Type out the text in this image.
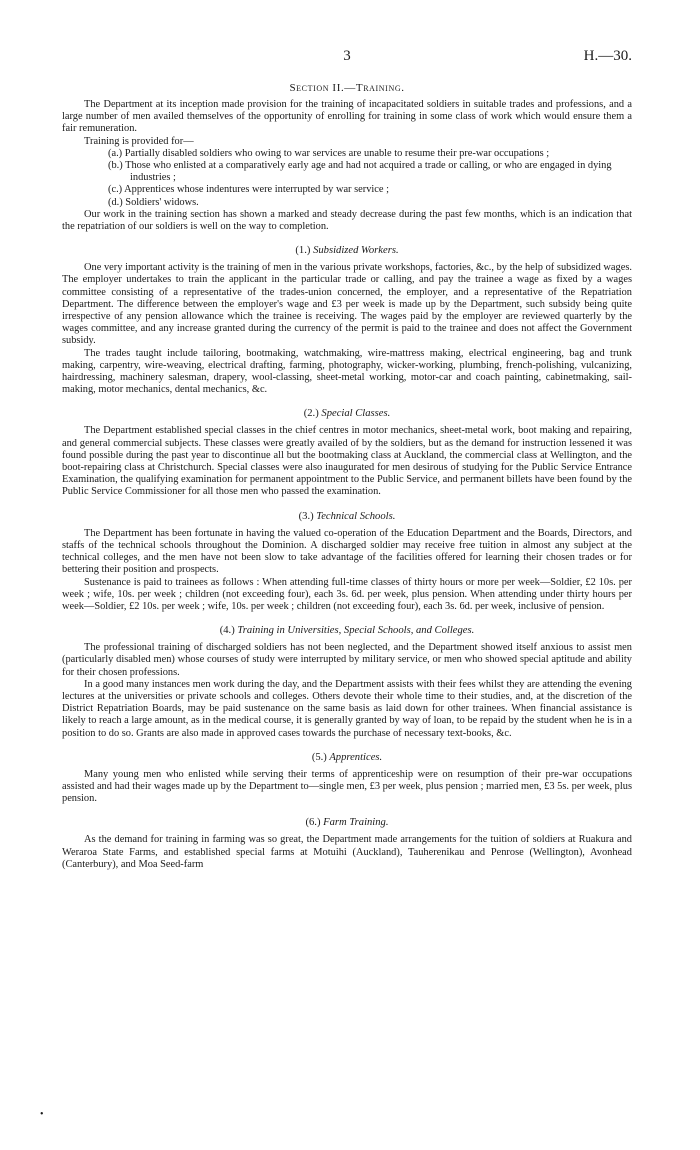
3	H.—30.
Section II.—Training.

The Department at its inception made provision for the training of incapacitated soldiers in suitable trades and professions, and a large number of men availed themselves of the opportunity of enrolling for training in some class of work which would ensure them a fair remuneration.

Training is provided for—

(a.) Partially disabled soldiers who owing to war services are unable to resume their pre-war occupations ;
(b.) Those who enlisted at a comparatively early age and had not acquired a trade or calling, or who are engaged in dying industries ;
(c.) Apprentices whose indentures were interrupted by war service ;
(d.) Soldiers' widows.

Our work in the training section has shown a marked and steady decrease during the past few months, which is an indication that the repatriation of our soldiers is well on the way to completion.

(1.) Subsidized Workers.

One very important activity is the training of men in the various private workshops, factories, &c., by the help of subsidized wages. The employer undertakes to train the applicant in the particular trade or calling, and pay the trainee a wage as fixed by a wages committee consisting of a representative of the trades-union concerned, the employer, and a representative of the Repatriation Department. The difference between the employer's wage and £3 per week is made up by the Department, such subsidy being quite irrespective of any pension allowance which the trainee is receiving. The wages paid by the employer are reviewed quarterly by the wages committee, and any increase granted during the currency of the permit is paid to the trainee and does not affect the Government subsidy.

The trades taught include tailoring, bootmaking, watchmaking, wire-mattress making, electrical engineering, bag and trunk making, carpentry, wire-weaving, electrical drafting, farming, photography, wicker-working, plumbing, french-polishing, vulcanizing, hairdressing, machinery salesman, drapery, wool-classing, sheet-metal working, motor-car and coach painting, cabinetmaking, sail-making, motor mechanics, dental mechanics, &c.

(2.) Special Classes.

The Department established special classes in the chief centres in motor mechanics, sheet-metal work, boot making and repairing, and general commercial subjects. These classes were greatly availed of by the soldiers, but as the demand for instruction lessened it was found possible during the past year to discontinue all but the bootmaking class at Auckland, the commercial class at Wellington, and the boot-repairing class at Christchurch. Special classes were also inaugurated for men desirous of studying for the Public Service Entrance Examination, the qualifying examination for permanent appointment to the Public Service, and permanent billets have been found by the Public Service Commissioner for all those men who passed the examination.

(3.) Technical Schools.

The Department has been fortunate in having the valued co-operation of the Education Department and the Boards, Directors, and staffs of the technical schools throughout the Dominion. A discharged soldier may receive free tuition in almost any subject at the technical colleges, and the men have not been slow to take advantage of the facilities offered for learning their chosen trades or for bettering their position and prospects.

Sustenance is paid to trainees as follows : When attending full-time classes of thirty hours or more per week—Soldier, £2 10s. per week ; wife, 10s. per week ; children (not exceeding four), each 3s. 6d. per week, plus pension. When attending under thirty hours per week—Soldier, £2 10s. per week ; wife, 10s. per week ; children (not exceeding four), each 3s. 6d. per week, inclusive of pension.

(4.) Training in Universities, Special Schools, and Colleges.

The professional training of discharged soldiers has not been neglected, and the Department showed itself anxious to assist men (particularly disabled men) whose courses of study were interrupted by military service, or men who showed special aptitude and ability for their chosen professions.

In a good many instances men work during the day, and the Department assists with their fees whilst they are attending the evening lectures at the universities or private schools and colleges. Others devote their whole time to their studies, and, at the discretion of the District Repatriation Boards, may be paid sustenance on the same basis as laid down for other trainees. When financial assistance is likely to reach a large amount, as in the medical course, it is generally granted by way of loan, to be repaid by the student when he is in a position to do so. Grants are also made in approved cases towards the purchase of necessary text-books, &c.

(5.) Apprentices.

Many young men who enlisted while serving their terms of apprenticeship were on resumption of their pre-war occupations assisted and had their wages made up by the Department to—single men, £3 per week, plus pension ; married men, £3 5s. per week, plus pension.

(6.) Farm Training.

As the demand for training in farming was so great, the Department made arrangements for the tuition of soldiers at Ruakura and Weraroa State Farms, and established special farms at Motuihi (Auckland), Tauherenikau and Penrose (Wellington), Avonhead (Canterbury), and Moa Seed-farm

•
